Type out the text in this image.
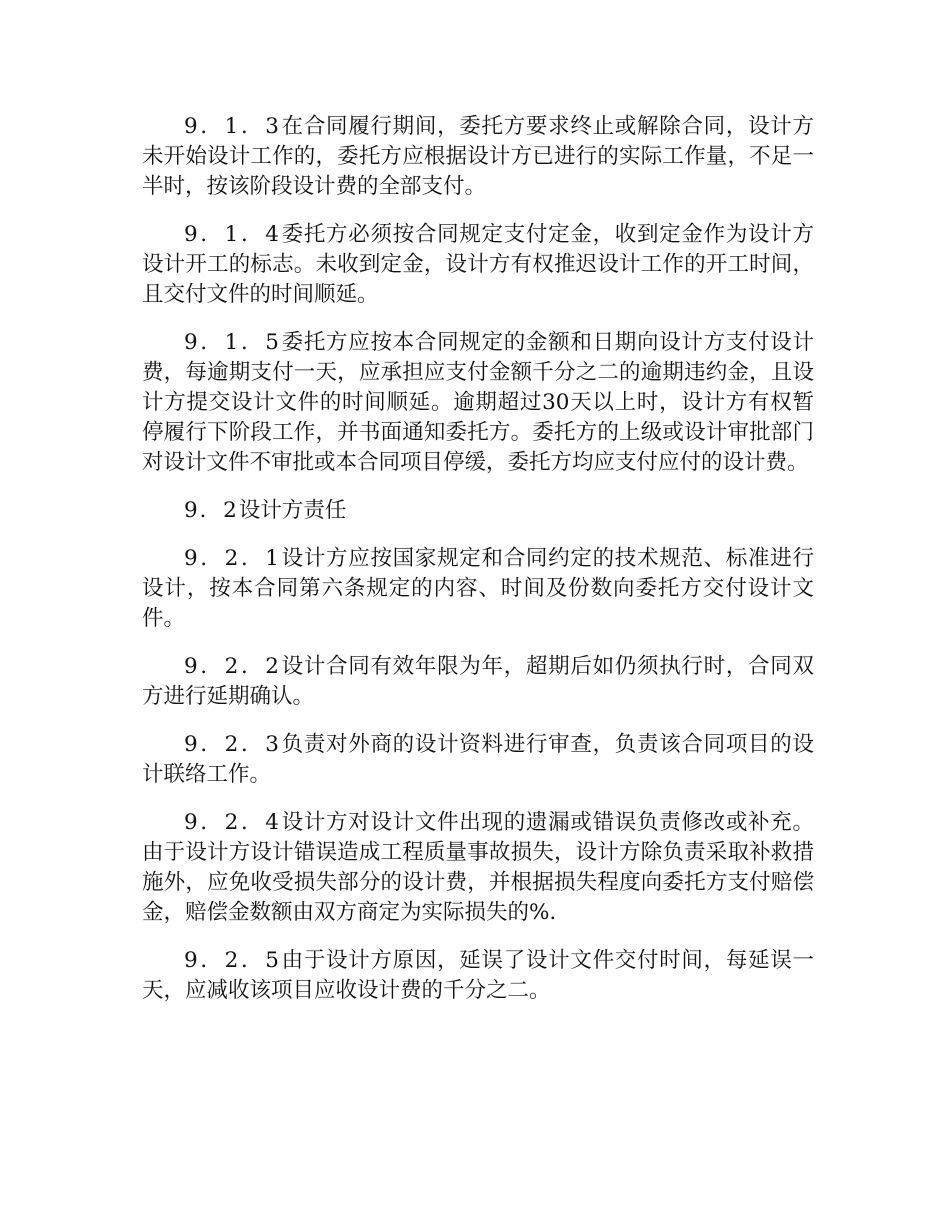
9．1．3在合同履行期间，委托方要求终止或解除合同，设计方未开始设计工作的，委托方应根据设计方已进行的实际工作量，不足一半时，按该阶段设计费的全部支付。

9．1．4委托方必须按合同规定支付定金，收到定金作为设计方设计开工的标志。未收到定金，设计方有权推迟设计工作的开工时间，且交付文件的时间顺延。

9．1．5委托方应按本合同规定的金额和日期向设计方支付设计费，每逾期支付一天，应承担应支付金额千分之二的逾期违约金，且设计方提交设计文件的时间顺延。逾期超过30天以上时，设计方有权暂停履行下阶段工作，并书面通知委托方。委托方的上级或设计审批部门对设计文件不审批或本合同项目停缓，委托方均应支付应付的设计费。

9．2设计方责任

9．2．1设计方应按国家规定和合同约定的技术规范、标准进行设计，按本合同第六条规定的内容、时间及份数向委托方交付设计文件。

9．2．2设计合同有效年限为年，超期后如仍须执行时，合同双方进行延期确认。

9．2．3负责对外商的设计资料进行审查，负责该合同项目的设计联络工作。

9．2．4设计方对设计文件出现的遗漏或错误负责修改或补充。由于设计方设计错误造成工程质量事故损失，设计方除负责采取补救措施外，应免收受损失部分的设计费，并根据损失程度向委托方支付赔偿金，赔偿金数额由双方商定为实际损失的%.

9．2．5由于设计方原因，延误了设计文件交付时间，每延误一天，应减收该项目应收设计费的千分之二。
